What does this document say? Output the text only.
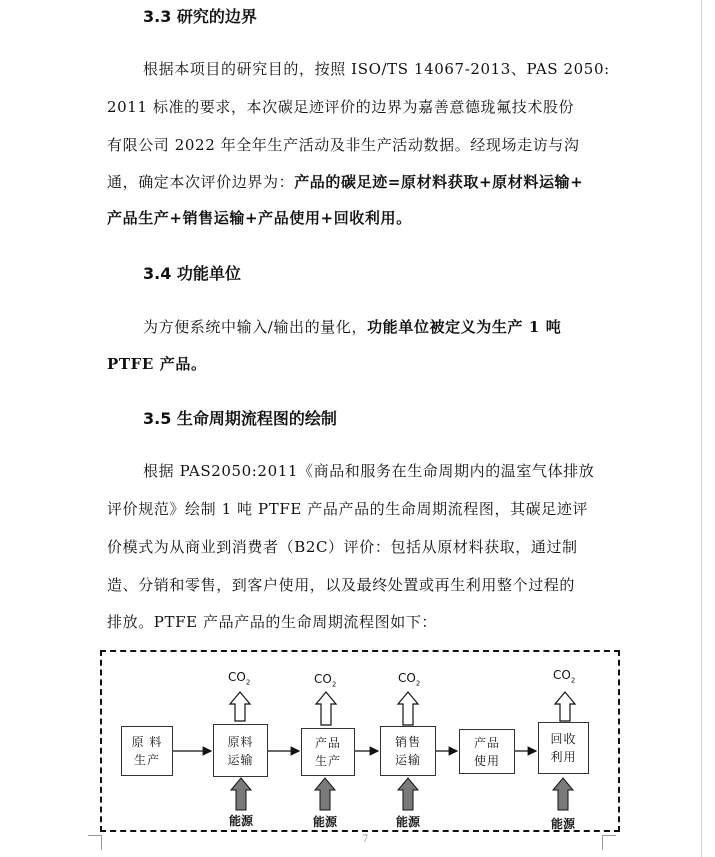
3.3 研究的边界
根据本项目的研究目的，按照 ISO/TS 14067-2013、PAS 2050:
2011 标准的要求，本次碳足迹评价的边界为嘉善意德珑氟技术股份
有限公司 2022 年全年生产活动及非生产活动数据。经现场走访与沟
通，确定本次评价边界为：产品的碳足迹=原材料获取+原材料运输+
产品生产+销售运输+产品使用+回收利用。
3.4 功能单位
为方便系统中输入/输出的量化，功能单位被定义为生产 1 吨
PTFE 产品。
3.5 生命周期流程图的绘制
根据 PAS2050:2011《商品和服务在生命周期内的温室气体排放
评价规范》绘制 1 吨 PTFE 产品产品的生命周期流程图，其碳足迹评
价模式为从商业到消费者（B2C）评价：包括从原材料获取，通过制
造、分销和零售，到客户使用，以及最终处置或再生利用整个过程的
排放。PTFE 产品产品的生命周期流程图如下：
原 料
生产
原料
运输
产品
生产
销售
运输
产品
使用
回收
利用
$CO_2$	$CO_2$	$CO_2$
$CO_2$
能源	能源	能源	能源
7
